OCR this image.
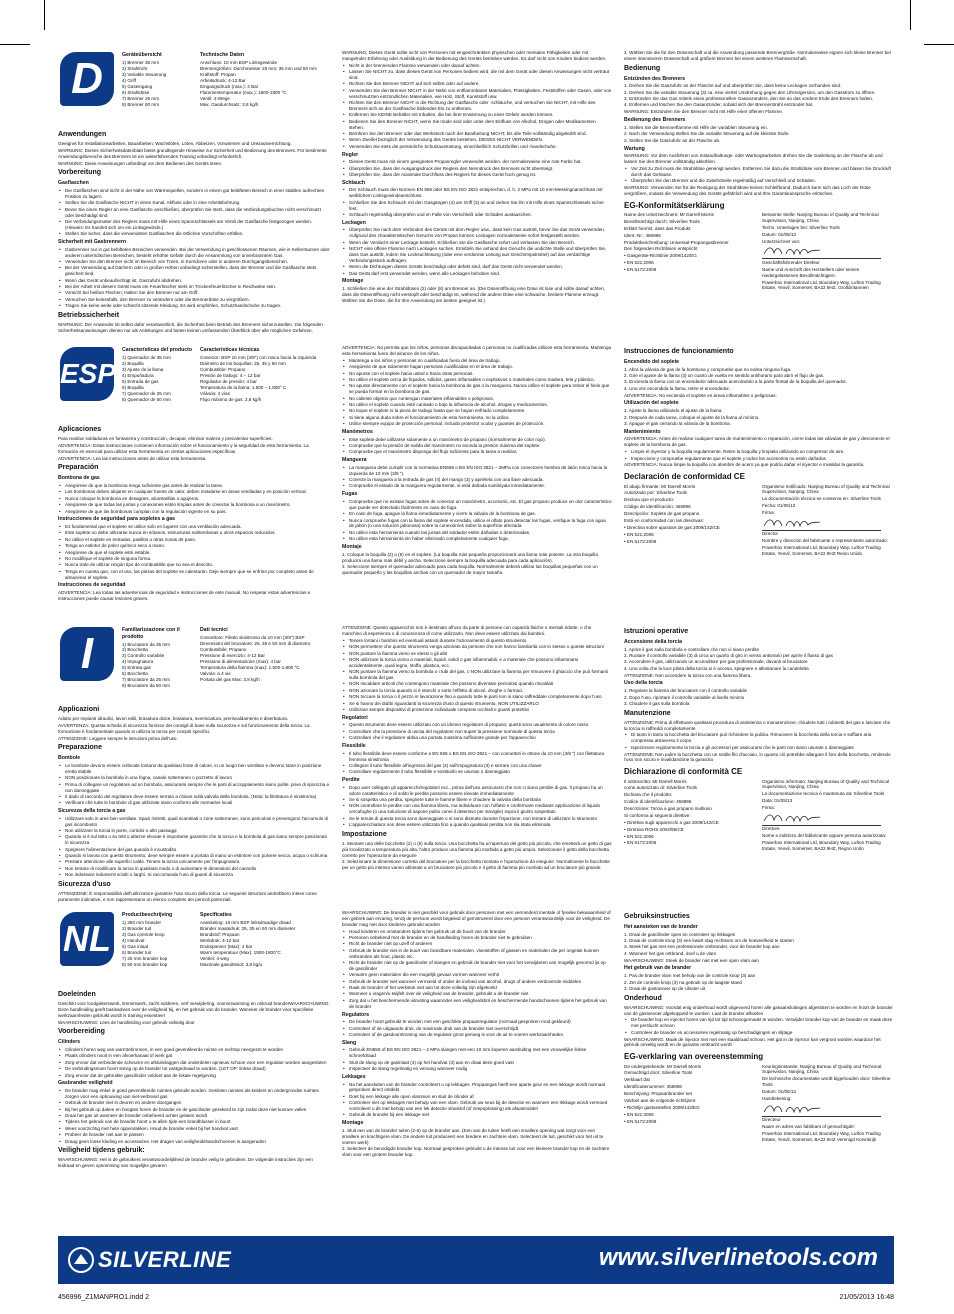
D	Geräteübersicht
1) Brenner 35 mm
2) Strahlrohr
3) Variable Steuerung
4) Griff
5) Gaseingang
6) Strahldüse
7) Brenner 25 mm
8) Brenner 50 mm
Technische Daten
Anschluss: 10 mm BSP Linksgewinde
Brennergrößen: Durchmesser 25 mm; 35 mm und 50 mm
Kraftstoff: Propan
Arbeitsdruck: 4-12 Bar
Eingangsdruck (max.): 4 Bar
Flammentemperatur (max.): 1500-1800 °C
Ventil: 4-Wege
Max. Gasdurchsatz: 3,8 kg/h
Anwendungen

Geeignet für Installationsarbeiten, Bauarbeiten, Wachslöten, Löten, Abbeizen, Vorwärmen und Unkrautvernichtung.

WARNUNG: Dieses Sicherheitsdatenblatt bietet grundlegende Hinweise zur Sicherheit und Bedienung des Brenners. Für bestimmte Anwendungsbereiche des Brenners ist ein weiterführendes Training unbedingt erforderlich.

WARNUNG: Diese Anweisungen unbedingt vor dem Bedienen des Geräts lesen.

Vorbereitung
Gasflaschen
• Die Gasflaschen sind nicht in der Nähe von Wärmequellen, sondern in einem gut belüfteten Bereich in einer stabilen aufrechten Position zu lagern.
• Stellen Sie die Gasflasche NICHT in einen Kanal, Abfluss oder in eine Arbeitsbohrung.
• Bevor Sie einen Regler an eine Gasflasche anschließen, überprüfen Sie stets, dass die Verbindungsbuchse nicht verschmutzt oder beschädigt sind.
• Die Verbindungsmutter des Reglers muss mit Hilfe eines Spannschlüssels am Ventil der Gasflasche festgezogen werden. (Hinweis: Es handelt sich um ein Linksgewinde.)
• Stellen Sie sicher, dass die verwendeten Gasflaschen die örtlichen Vorschriften erfüllen.
Sicherheit mit Gasbrennern
• Gasbrenner nur in gut belüfteten Bereichen verwenden. Bei der Verwendung in geschlossenen Räumen, wie in Kellerräumen oder anderen unterirdischen Bereichen, besteht erhöhte Gefahr durch die Ansammlung von unverbranntem Gas.
• Verwenden Sie den Brenner nicht im Bereich von Türen, in Korridoren oder in anderen Durchgangsbereichen.
• Bei der Verwendung auf Dächern oder in großen Höhen unbedingt sicherstellen, dass der Brenner und die Gasflasche stets gesichert sind.
• Wenn das Gerät unbeaufsichtigt ist, Gaszufuhr abdrehen.
• Bei der Arbeit mit diesem Gerät muss ein Feuerlöscher stets im Trockenfeuerlöscher in Reichweite sein.
• Vorsicht bei heißen Flächen; Halten Sie den Brenner nur am Griff.
• Versuchen Sie keinesfalls, den Brenner zu verändern oder die Brennerdüse zu vergrößern.
• Tragen Sie keine weite oder schlecht sitzende Kleidung. Es wird empfohlen, Schutzhandschuhe zu tragen.
Betriebssicherheit

WARNUNG: Der Anwender ist selbst dafür verantwortlich, die Sicherheit beim Betrieb des Brenners sicherzustellen. Die folgenden Sicherheitsanweisungen dienen nur als Anleitungen und bieten keinen umfassenden Überblick über alle möglichen Gefahren.

WARNUNG: Dieses Gerät sollte nicht von Personen mit eingeschränkten physischen oder mentalen Fähigkeiten oder mit mangelnder Erfahrung oder Ausbildung in der Bedienung des Geräts betrieben werden. Es darf nicht von Kindern bedient werden.

• Nicht in der brennenden Flamme verwenden oder darauf achten.
• Lassen Sie NICHT zu, dass dieses Gerät von Personen bedient wird, die mit dem Gerät oder diesen Anweisungen nicht vertraut sind.
• Richten Sie den Brenner NICHT auf sich selbst oder auf andere.
• Verwenden Sie den Brenner NICHT in der Nähe von entflammbaren Materialien, Flüssigkeiten, Feststoffen oder Gasen, oder von verschmutzten entzündlichen Materialien, wie Holz, Stoff, Kunststoff usw.
• Richten Sie den Brenner NICHT in die Richtung der Gasflasche oder -schläuche, und versuchen Sie NICHT, mit Hilfe des Brenners sich an der Gasflasche bildendes Eis zu entfernen.
• Entfernen Sie KEINE Behälter mit Inhalten, die bei ihrer Erwärmung zu einer Gefahr werden können.
• Bedienen Sie den Brenner NICHT, wenn Sie müde sind oder unter dem Einfluss von Alkohol, Drogen oder Medikamenten stehen.
• Berühren Sie den Brenner oder das Werkstück nach der Bearbeitung NICHT, bis alle Teile vollständig abgekühlt sind.
• Wenn Zweifel bezüglich der Verwendung des Geräts bestehen, DIESES NICHT VERWENDEN.
• Verwenden Sie stets die persönliche Schutzausrüstung, einschließlich Schutzbrillen und -handschuhe.
Regler
• Dieses Gerät muss mit einem geeigneten Propanregler verwendet werden, der normalerweise eine rote Farbe hat.
• Überprüfen Sie, dass der Ausgangsdruck des Reglers den Nenndruck des Brenners nicht übersteigt.
• Überprüfen Sie, dass der maximale Durchfluss des Reglers für dieses Gerät hoch genug ist.
Schlauch
• Der Schlauch muss den Normen EN 559 oder BS EN ISO 3821 entsprechen, d. h. 2 MPa mit 10 mm-Messingnanschluss mit weiblichem Linksgewindeanschluss.
• Schließen Sie den Schlauch mit den Gasgängen (4) am Griff (3) an und ziehen Sie ihn mit Hilfe eines Spannschlüssels sicher fest.
• Schlauch regelmäßig überprüfen und im Falle von Verschleiß oder Schäden austauschen.
Leckagen
• Überprüfen Sie nach dem Verbinden des Geräts mit dem Regler usw., dass kein Gas austritt, bevor Sie das Gerät verwenden. Aufgrund des charakteristischen Geruchs von Propan können Leckagen normalerweise sofort festgestellt werden.
• Wenn der Verdacht einer Leckage besteht, Schließen Sie die Gasflasche sofort und verlassen Sie den Bereich.
• NICHT eine offene Flamme nach Leckagen suchen. Ermitteln Sie anhand des Geruchs die undichte Stelle und überprüfen Sie, dass Gas austritt, indem Sie Lecksuchlösung (oder eine verdünnte Lösung aus Geschirrspülmittel) auf das verdächtige Verbindungsstück auftragen.
• Wenn die Dichtungen dieses Geräts beschädigt oder defekt sind, darf das Gerät nicht verwendet werden.
• Das Gerät darf erst verwendet werden, wenn alle Leckagen behoben sind.
Montage
1. Schließen Sie eine der Strahldüsen (2) oder (8) am Brenner an. (Die Düsenöffnung eine Düse ist lose und sollte darauf achten, dass die Düsenöffnung nicht verstopft oder beschädigt ist, während die andere Düse eine schwache, breitere Flamme erzeugt. Wählen Sie die Düse, die für Ihre Anwendung am besten geeignet ist.)
2. Wählen Sie die für den Düsenschaft und die Anwendung passende Brennergröße. Normalerweise eignen sich kleine Brenner bei einem intensiveren Düsenschaft und größere Brenner bei einem weiteren Flammenschaft.
Bedienung
Entzünden des Brenners
1. Drehen Sie die Gaszufuhr an der Flasche auf und überprüfen Sie, dass keine Leckagen vorhanden sind.
2. Drehen Sie die variable Steuerung (3) ca. eine viertel Umdrehung gegen den Uhrzeigersinn, um den Gasstrom zu öffnen.
3. Entzünden Sie das Gas mittels eines professionellen Gasanzünders, den Sie an das vordere Ende des Brenners halten.
4. Entfernen und löschen Sie den Gasanzünder, sobald sich der Brennerstrahl entzündet hat.

WARNUNG: Entzünden Sie den Brenner nicht mit Hilfe einer offenen Flamme.

Bedienung des Brenners
1. Stellen Sie die Brennerflamme mit Hilfe der variablen Steuerung ein.
2. Nach der Verwendung stellen Sie die variable Steuerung auf die kleinste Stufe.
3. Stellen Sie die Gaszufuhr an der Flasche ab.
Wartung

WARNUNG: Vor dem Ausführen von Instandhaltungs- oder Wartungsarbeiten drehen Sie die Gasleitung an der Flasche ab und lassen Sie den Brenner vollständig abkühlen.

• Vor Zeit zu Zeit muss die Strahldüse gereinigt werden. Entfernen Sie dazu die Strahldüse vom Brenner und blasen Sie Druckluft durch das Gehäuse.
• Überprüfen Sie den Brenner und die Zubehörteile regelmäßig auf Verschleiß und Schäden.

WARNUNG: Verwenden Sie für die Reinigung der Strahldüse keinen Schleifbrand. Dadurch kann sich das Loch der Düse vergrößern, sodass die Verwendung des Geräts gefährlich wird und Ihre Garantieansprüche erlöschen.

EG-Konformitätserklärung

Name des Unterzeichners: Mr Darrell Morris

Bevollmächtigt durch: Silverline Tools

Erklärt hiermit, dass das Produkt

Ident.-Nr.: 456996

Produktbeschreibung: Universal-Propangasbrenner

Den folgenden Richtlinien entspricht

• Gasgeräte-Richtlinie 2009/142/EG

• EN 521:2006

• EN 5172:2006

Benannte Stelle: Nanjing Bureau of Quality and Technical Supervision, Nanjing, China

Techn. Unterlagen bei: Silverline Tools

Datum: 01/05/13

Unterzeichnet von:

Geschäftsführender Direktor

Name und Anschrift des Herstellers oder seines niedergelassenen Bevollmächtigten:

Powerbox International Ltd, Boundary Way, Lufton Trading Estate, Yeovil, Somerset, BA22 8HZ, Großbritannien

ESP
Características del producto
1) Quemador de 35 mm
2) Boquilla
3) Ajuste de la llama
4) Empuñadura
5) Entrada de gas
6) Boquilla
7) Quemador de 25 mm
8) Quemador de 50 mm
Características técnicas
Conector: BSP 10 mm (3/8") con rosca hacia la izquierda
Diámetro de los boquillas: 25, 35 y 50 mm
Combustible: Propano
Presión de trabajo: 4 – 12 bar
Regulador de presión: 4 bar
Temperatura de la llama: 1.500 – 1.800° C
Válvula: 4 vías
Flujo máximo de gas: 3,8 kg/h
Aplicaciones

Para realizar soldaduras en fontanería y construcción, decapar, eliminar maleza y precalentar superficies.

ADVERTENCIA: Estas instrucciones contienen información sobre el funcionamiento y la seguridad de esta herramienta. La formación es esencial para utilizar esta herramienta en ciertas aplicaciones específicas.

ADVERTENCIA: Lea las instrucciones antes de utilizar esta herramienta.

Preparación
Bombona de gas
• Asegúrese de que la bombona tenga suficiente gas antes de realizar la tarea.
• Las bombonas deben alojarse en cualquier fuente de calor, deben instalarse en áreas ventiladas y en posición vertical.
• Nunca coloque la bombona en desagües, alcantarillas o agujeros.
• Asegúrese de que todas las juntas y conexiones estén limpias antes de conectar la bombona a un manómetro.
• Asegúrese de que las bombonas cumplan con la regulación vigente en su país.
Instrucciones de seguridad para sopletes a gas
• Es fundamental que el soplete se utilice solo en lugares con una ventilación adecuada.
• Este soplete no debe utilizarse nunca en sótanos, estructuras subterráneas u otros espacios reducidos.
• No utilice el soplete en entradas, pasillos u otras zonas de paso.
• Tenga un extintor de polvo químico seco a mano.
• Asegúrese de que el soplete esté estable.
• No modifique el soplete de ninguna forma.
• Nunca trate de utilizar ningún tipo de combustible que no sea el descrito.
• Tenga en cuenta que, con el uso, las piezas del soplete se calentarán. Deje siempre que se enfríen por completo antes de almacenar el soplete.
Instrucciones de seguridad

ADVERTENCIA: Lea todas las advertencias de seguridad e instrucciones de este manual. No respetar estas advertencias e instrucciones puede causar lesiones graves.

ADVERTENCIA: No permita que los niños, personas discapacitadas o personas no cualificadas utilicen esta herramienta. Mantenga esta herramienta fuera del alcance de los niños.

• Mantenga a los niños y personas no cualificadas fuera del área de trabajo.
• Asegúrese de que solamente hagan personas cualificadas en el área de trabajo.
• No apunte con el soplete hacia usted o hacia otras personas.
• No utilice el soplete cerca de líquidos, sólidos, gases inflamables o explosivos o materiales como madera, tela y plástico.
• No apunte directamente con el soplete hacia la bombona de gas o la manguera. Nunca utilice el soplete para retirar el hielo que se pueda formar en la bombona de gas.
• No caliente objetos que contengan materiales inflamables o peligrosos.
• No utilice el soplete cuando esté cansado o bajo la influencia de alcohol, drogas y medicamentos.
• No toque el soplete ni la pieza de trabajo hasta que se hayan enfriado completamente.
• Si tiene alguna duda sobre el funcionamiento de esta herramienta, no la utilice.
• Utilice siempre equipo de protección personal, incluido protector ocular y guantes de protección.
Manómetros
• Este soplete debe utilizarse solamente a un manómetro de propano (normalmente de color rojo).
• Compruebe que la presión de salida del manómetro no exceda la presión máxima del soplete.
• Compruebe que el manómetro disponga del flujo suficiente para la tarea a realizar.
Manguera
• La manguera debe cumplir con la normativa EN559 o BS EN ISO 3821 – 2MPa con conectores hembra de latón rosca hacia la izquierda de 10 mm (3/8 ").
• Conecte la manguera a la entrada de gas (4) del mango (3) y apriétela con una llave adecuada.
• Compruebe el estado de la manguera regularmente, si está dañada sustitúyala inmediatamente.
Fugas
• Compruebe que no existan fugas antes de conectar un manómetro, accesorio, etc. El gas propano produce un olor característico que puede ser detectado fácilmente en caso de fuga.
• En caso de fuga, apague la llama inmediatamente y cierre la válvula de la bombona de gas.
• Nunca compruebe fugas con la llama del soplete encendida, utilice el olfato para detectar las fugas, verifique la fuga con agua de jabón (o una solución jabonosa) sobre la conexión/es sobre la superficie afectada.
• No utilice esta herramienta cuando las juntas del soldador estén dañadas o deterioradas.
• No utilice esta herramienta sin haber eliminado completamente cualquier fuga.
Montaje
1. Coloque la boquilla (2) o (6) en el soplete. (La boquilla más pequeña proporcionará una llama más potente. La otra boquilla producirá una llama más débil y ancha. Seleccione siempre la boquilla adecuada para cada aplicación).
2. Seleccione siempre el quemador adecuado para cada boquilla. Normalmente deberá utilizar las boquillas pequeñas con un quemador pequeño y las boquillas anchas con un quemador de mayor tamaño.
Instrucciones de funcionamiento
Encendido del soplete
1. Abra la válvula de gas de la bombona y compruebe que no exista ninguna fuga.
2. Gire el ajuste de la llama (3) un cuarto de vuelta en sentido antihorario para abrir el flujo de gas.
3. Encienda la llama con un encendedor adecuado acercándolo a la parte frontal de la boquilla del quemador.
4. Una vez encendida la llama, retire el encendedor.

ADVERTENCIA: No encienda el soplete en áreas inflamables o peligrosas.

Utilización del soplete
1. Ajuste la llama utilizando el ajuste de la llama.
2. Después de cada tarea, coloque el ajuste de la llama al mínimo.
3. Apague el gas cerrando la válvula de la bombona.
Mantenimiento

ADVERTENCIA: Antes de realizar cualquier tarea de mantenimiento o reparación, cierre todas las válvulas de gas y desconecte el soplete de la bombona de gas.

• Limpie el inyector y la boquilla regularmente. Retire la boquilla y limpiela utilizando un compresor de aire.
• Inspeccione y compruebe regularmente que el soplete y todos los accesorios no estén dañados.

ADVERTENCIA: Nunca limpie la boquilla con alambre de acero ya que podría dañar el inyector e invalidar la garantía.

Declaración de conformidad CE

El abajo firmante: Mr Darrell Morris

Autorizado por: Silverline Tools

Declara que el producto:

Código de identificación: 456996

Descripción: Soplete de gas propano

Está en conformidad con las directivas:

• Directiva sobre aparatos de gas 2009/142/CE

• EN 521:2006

• EN 5172:2006

Organismo notificado: Nanjing Bureau of Quality and Technical Supervision, Nanjing, China

La documentación técnica se conserva en: Silverline Tools

Fecha: 01/05/13

Firma:

Director

Nombre y dirección del fabricante o representante autorizado:

Powerbox International Ltd, Boundary Way, Lufton Trading Estate, Yeovil, Somerset, BA22 8HZ Reino Unido

I	Familiarizzazione con il prodotto
1) Bruciatore da 35 mm
2) Bocchetta
3) Controllo variabile
4) Impugnatura
5) Entrata gas
6) Bocchetta
7) Bruciatore da 25 mm
8) Bruciatore da 50 mm
Dati tecnici
Connettore: Filetto sinistrorso da 10 mm (3/8") BSP
Dimensioni del bruciatore: 25, 35 e 50 mm di diametro
Combustibile: Propano
Pressione di esercizio: 4-12 Bar
Pressione di alimentazione (max): 4 bar
Temperatura della fiamma (max): 1.500-1.800 °C
Valvola: a 4 vie
Portata del gas Max: 3,8 kg/h
Applicazioni

Adatto per impianti idraulici, lavori edili, brasatura dolce, brasatura, sverniciatura, preriscaldamento e diserbatura.

AVVERTENZA: Questa scheda di sicurezza fornisce dei consigli di base sulla sicurezza e sul funzionamento della torcia. La formazione è fondamentale quando si utilizza la torcia per compiti specifici.

ATTENZIONE: Leggere sempre le istruzioni prima dell'uso.

Preparazione
Bombole
• Le bombole devono essere collocate lontano da qualsiasi fonte di calore, in un luogo ben ventilato e devono stare in posizione eretta stabile
• NON posizionare la bombola in una fogna, canale sotterraneo o pozzetto di lavoro
• Prima di collegare un regolatore ad un bombola, assicurarsi sempre che le parti di accoppiamento siano pulite, prive di sporcizia e non danneggiate
• Il dado di raccordo del regolatore deve essere serrato a chiave sulla valvola della bombola. (Nota: la filettatura è sinistrorsa)
• Verificare che tutte le bombole di gas utilizzate siano conformi alle normative locali
Sicurezza della torcia a gas
• Utilizzare solo in aree ben ventilate. Spazi ristretti, quali scantinati o zone sotterranee, sono pericolosi e prevengono l'accumulo di gas incombusto
• Non utilizzare la torcia in porte, corridoi o altri passaggi
• Quando si è sul tetto o su tetti o altezze elevate è importante garantire che la torcia e la bombola di gas siano sempre posizionati in sicurezza
• Spegnere l'alimentazione del gas quando è incustodito
• Quando si lavora con questo strumento, deve sempre essere a portata di mano un estintore con polvere secca, acqua o schiuma
• Prestare attenzione alle superfici calde. Tenere la torcia unicamente per l'impugnatura
• Non tentare di modificare la torcia in qualsiasi modo o di aumentare le dimensioni del cannello
• Non indossare indumenti sciolti o larghi. Si raccomanda l'uso di guanti di sicurezza
Sicurezza d'uso

ATTENZIONE: È responsabilità dell'utilizzatore garantire l'uso sicuro della torcia. Le seguenti istruzioni andrebbero intese come puramente indicative, e non rappresentano un elenco completo dei pericoli potenziali.

ATTENZIONE: Questo apparecchio non è destinato all'uso da parte di persone con capacità fisiche o mentali ridotte, o che manchino di esperienza o di conoscenza di come utilizzarlo. Non deve essere utilizzato dai bambini.

• Tenere lontani i bambini ed eventuali astanti durante l'azionamento di questo strumento
• NON permettere che questo strumento venga azionato da persone che non hanno familiarità con lo stesso o queste istruzioni
• NON puntare la fiamma verso se stessi o gli altri
• NON utilizzare la torcia vicino a materiali, liquidi, solidi o gas infiammabili, e a materiale che possono infiammarsi accidentalmente, quali legno, stoffa, plastica, ecc.
• NON puntare la fiamma verso la bombola o i tubi del gas, o NON utilizzare la fiamma per rimuovere il ghiaccio che può formarsi sulla bombola del gas
• NON riscaldare articoli che contengono materiale che possono diventare pericolosi quando riscaldati
• NON azionare la torcia quando si è stanchi o sotto l'effetto di alcool, droghe o farmaci.
• NON toccare la torcia o il pezzo in lavorazione fino a quando tutte le parti non si siano raffreddate completamente dopo l'uso
• Se si hanno dei dubbi riguardanti la sicurezza d'uso di questo strumento, NON UTILIZZARLO
• Utilizzare sempre dispositivi di protezione individuale compresi occhiali e guanti protettivi
Regolatori
• Questo strumento deve essere utilizzato con un idoneo regolatore di propano; questi sono usualmente di colore rosso
• Controllare che la pressione di uscita del regolatore non superi la pressione nominale di questa torcia
• Controllare che il regolatore abbia una portata massima sufficiente grande per l'apparecchio
Flessibile
• Il tubo flessibile deve essere conforme a EN 559 o BS EN ISO 3821 – con connettori in ottone da 10 mm (3/8 ") con filettatura femmina sinistrorsa
• Collegare il tubo flessibile all'ingresso del gas (4) sull'impugnatura (3) e serrare con una chiave
• Controllare regolarmente il tubo flessibile e sostituirlo se usurato o danneggiato
Perdite
• Dopo aver collegato gli apparecchi/regolatori ecc., prima dell'uso assicurarsi che non ci siano perdite di gas. Il propano ha un odore caratteristico e di solito le perdite possono essere rilevate immediatamente
• Se si sospetta una perdita, spegnere tutte le fiamme libere e chiudere la valvola della bombola
• NON controllare le perdite con una fiamma libera, ma individuare con l'olfatto e confermare mediante applicazione di liquido cercafughe (o una soluzione di sapone pulito come il detersivo per stoviglie) sopra il giunto sospettato
• Se le tenute di questa torcia sono danneggiate o si sono distrutte durante l'ispezione, non tentare di utilizzare lo strumento
• L'apparecchiatura non deve essere utilizzata fino a quando qualsiasi perdita non sia stata eliminata
Impostazione
1. Montare una delle bocchette (2) o (6) sulla torcia. Una bocchetta ha un'apertura del getto più piccola, che emetterà un getto di gas più localizzato a temperatura più alta, l'altro produce una fiamma più morbida a getto più ampio. Selezionare il getto della bocchetta corretto per l'operazione da eseguire
2. Selezionare la dimensione corretta del bruciatore per la bocchetta montata e l'operazione da eseguire. Normalmente le bocchette per un getto più intenso vanno abbinate a un bruciatore più piccolo e il getto di fiamma più morbido ad un bruciatore più grande.
Istruzioni operative
Accensione della torcia
1. Aprire il gas sulla bombola e controllare che non vi siano perdite
2. Ruotare il controllo variabile (3) di circa un quarto di giro in senso antiorario per aprire il flusso di gas
3. Accendere il gas, utilizzando un accenditore per gas professionale, davanti al bruciatore
4. Una volta che la luce pilota della torcia si è accesa, spegnere e allontanare la candeletta

ATTENZIONE: Non accendere la torcia con una fiamma libera.

Uso della torcia
1. Regolare la fiamma del bruciatore con il controllo variabile
2. Dopo l'uso, riportare il controllo variabile al livello minimo
3. Chiudere il gas sulla bombola
Manutenzione

ATTENZIONE: Prima di effettuare qualsiasi procedura di assistenza o manutenzione, chiudere tutti i rubinetti del gas e lasciare che la torcia si raffreddi completamente

• Di tanto in tanto la bocchetta del bruciatore può richiedere la pulizia. Rimuovere la bocchetta della torcia e soffiare aria compressa attraverso il corpo
• Ispezionare regolarmente la torcia e gli accessori per assicurarsi che le parti non siano usurate o danneggiate

ATTENZIONE: Non pulire la bocchetta con un sottile filo d'acciaio, in quanto ciò potrebbe allargare il foro della bocchetta, rendendo l'uso non sicuro e invalidandone la garanzia

Dichiarazione di conformità CE

Il sottoscritto: Mr Darrell Morris

come autorizzato di: Silverline Tools

Dichiara che il prodotto:

Codice di identificazione: 456996

Descrizione: Torcia a gas propano multiuso

Si conforma ai seguenti direttive:

• Direttiva sugli apparecchi a gas 2009/142/CE

• Direttiva ROHS 2002/95/CE

• EN 521:2006

• EN 5172:2006

Organismo informato: Nanjing Bureau of Quality and Technical Supervision, Nanjing, China

La documentazione tecnica è mantenuta da: Silverline Tools

Data: 01/05/13

Firma:

Direttore

Nome e indirizzo del fabbricante oppure persona autorizzata:

Powerbox International Ltd, Boundary Way, Lufton Trading Estate, Yeovil, Somerset, BA22 8HZ, Regno Unito

NL
Productbeschrijving
1) 350 mm brander
2) Brander tuit
3) Gas controle knop
4) Handvat
5) Gas inlaat
6) Brander tuit
7) 25 mm brander kop
8) 50 mm brander kop
Specificaties
Aansluiting: 10 mm BSP linksdraadige draad
Brander maatsdruk: 25, 35 en 50 mm diameter
Brandstof: Propaan
Werkdruk: 4-12 bar
Drukspanner (Max): 4 bar
Warm temperatuur (Max): 1500-1800°C
Ventiel: 4-weg
Maximale gasuitstoot: 3,8 kg/u
Doeleinden

Geschikt voor loodgieterswerk, timmerwerk, zacht solderen, verf verwijdering, voorverwarming en onkruid branderWAARSCHUWING: Deze handleiding geeft basisadvies over de veiligheid bij, en het gebruik van de brander. Wanneer de brander voor specifieke werkzaamheden gebruikt wordt is training essentieel

WAARSCHUWING: Lees de handleiding voor gebruik volledig door

Voorbereiding
Cilinders
• Cilinders horen weg van warmtebronnen, in een goed geventileerde ruimte en rechtop neergezet te worden
• Plaats cilinders nooit in een afvoerkanaal of werk gat
• Zorg ervoor dat verbindende scheuren en afsluitvlaggen dat onderdelen opnieuw schoon voor een regulator worden aangesloten
• De verbindingsmoer hoort stevig op de brander tot vastgedraaid te worden. (LET OP: linkse draad)
• Zorg ervoor dat de gebruikte gascilinder voldoet aan de lokale regelgeving
Gasbrander veiligheid
• De brander mag enkel in goed geventileerde ruimtes gebruikt worden. Gesloten ruimtes als kelders en ondergrondse ruimtes zorgen voor een opbouwing van niet-verbrand gas
• Gebruik de brander niet in deuren en andere doorgangen
• Bij het gebruik op daken en hoogtes horen de brander en de gascilinder gezekerd te zijn zodat deze niet kunnen vallen
• Draai het gas uit wanneer de brander onbeheerd achter gelaten wordt
• Tijdens het gebruik van de brander hoort u te allen tijde een brandblusser in buurt
• Wees voorzichtig met hete oppervlakken. Houd de brander enkel bij het handvat vast
• Probeer de brander niet aan te passen
• Draag geen losse kleding en accessoires. Het dragen van veiligheidshandschoenen is aangeraden
Veiligheid tijdens gebruik:

WAARSCHUWING: Het is de gebruikers verantwoordelijkheid de brander veilig te gebruiken. De volgende instructies zijn een leidraad en geven opsomming van mogelijke gevaren

WAARSCHUWING: De brander is niet geschikt voor gebruik door personen met een verminderd mentale of fysieke bekwaamheid of een gebrek aan ervaring, tenzij de persoon wordt begeleid of geïnstrueerd door een persoon verantwoordelijk voor de veiligheid. De brander mag niet door kinderen gebruikt worden

• Houd kinderen en omstanders tijdens het gebruik uit de buurt van de brander
• Personen onbekend met de brander en de handleiding horen de brander niet te gebruiken
• Richt de brander niet op uzelf of anderen
• Gebruik de brander niet in de buurt van brandbare materialen, vloeistoffen of gassen en materialen die per ongeluk kunnen ontbranden als hout, plastic etc.
• Richt de brander niet op de gascilinder of slangen en gebruik de brander niet voor het verwijderen van mogelijk gevormd ijs op de gascilinder
• Verwarm geen materialen die een mogelijk gevaar vormen wanneer verhit
• Gebruik de brander niet wanneer vermoeid of onder de invloed van alcohol, drugs of andere verdovende middelen
• Raak de brander of het werkstuk niet aan tot deze volledig zijn afgekoeld
• Wanneer u vragen/u twijfelt over de veiligheid van de brander, gebruikt u de brander niet
• Zorg dat u het beschermende uitrusting waaronder een veiligheidsbril en beschermende handschoenen tijdens het gebruik van de brander
Regulators
• De brander hoort gebruikt te worden met een geschikte propaanregulator (normaal gesproken rood gekleurd)
• Controleer of de uitgaande druk, de maximale druk van de brander niet overschrijdt
• Controleer of de gasdoorstroming van de regulator groot genoeg is voor de uit te voeren werkzaamheden
Slang
• Gebruik EN559 of BS EN ISO 3821 – 2 MPa slangen met een 10 mm koperen aansluiting met een vrouwelijke linkse schroefdraad
• Sluit de slang op de gasinlaat (4) op het handvat (3) aan en draai deze goed vast
• Inspecteer de slang regelmatig en vervang wanneer nodig
Lekkages
• Na het aansluiten van de brander controleert u op lekkages. Propaangas heeft een aparte geur en een lekkage wordt normaal gesproken direct ontdekt
• Doet bij een lekkage alle open vlammen en sluit de cilinder af
• Controleer niet op lekkages met behulp van een vlam. Gebruik uw neus bij de detectie en wanneer een lekkage wordt vermoed controleert u dit met behulp van een lek detectie vloeistof (of zeepoplossing) als afwasmiddel
• Gebruik de brander bij een lekkage niet
Montage
1. Sluit een van de brander tuiten (2-6) op de brander aan. (Een van de tuiten heeft een smallere opening wat zorgt voor een smallere en krachtigere vlam. De andere tuit produceert een bredere en zachtere vlam. Selecteert de tuit, geschikt voor het uit te voeren werk)
2. Selecteer de benodigde brander kop. Normaal gesproken gebruikt u de intense tuit voor een kleinere brander kop en de zachtere vlam voor een grotere brander kop
Gebruiksinstructies
Het aansteken van de brander
1. Draai de gascilinder open en controleer op lekkages
2. Draai de controle knop (3) een kwart slag rechtsom om de hoeveelheid te starten
3. Steek het gas met een professionele ontbrander, voor de brander kop aan
4. Wanneer het gas ontbrand, doof u de vlam

WAARSCHUWING: Steek de brander niet met een open vlam aan

Het gebruik van de brander
1. Pas de brander vlam met behulp van de controle knop (3) aan
2. Zet de controle knop (3) na gebruik op de laagste stand
3. Draai de gastoevoer op de cilinder uit
Onderhoud

WAARSCHUWING: Voordat enig onderhoud wordt uitgevoerd horen alle gasaansluitingen afgesloten te worden en hoort de brander van de gastoevoer afgekoppeld te worden. Laat de brander afkoelen

• De brander kop en injector horen van tijd tot tijd schoongemaakt te worden. Verwijder brander kop van de brander en maak deze met perslucht schoon
• Controleer de brander en accessoires regelmatig op beschadigingen en slijtage

WAARSCHUWING: Maak de injector niet met een staaldraad schoon. Het gat in de injector kan vergroot worden waardoor het gebruik onveilig wordt en de garantie ontkracht wordt

EG-verklaring van overeenstemming

De ondergetekende: Mr Darrell Morris

Gemachtigd door: Silverline Tools

Verklaart dat

Identificatienummer: 456996

Beschrijving: Propaanbrander set

Voldoet aan de volgende richtlijnen:

• Richtlijn gastoestellen 2009/142/EG

• EN 521:2006

• EN 5172:2006

Keuringsinstantie: Nanjing Bureau of Quality and Technical Supervision, Nanjing, China

De technische documentatie wordt bijgehouden door: Silverline Tools

Datum: 01/05/13

Handtekening:

Directeur

Naam en adres van fabrikant of gemachtigde:

Powerbox International Ltd, Boundary Way, Lufton Trading Estate, Yeovil, Somerset, BA22 8HZ Verenigd Koninkrijk

SILVERLINE	www.silverlinetools.com
456996_Z1MANPRO1.indd 2	21/05/2013 16:48
